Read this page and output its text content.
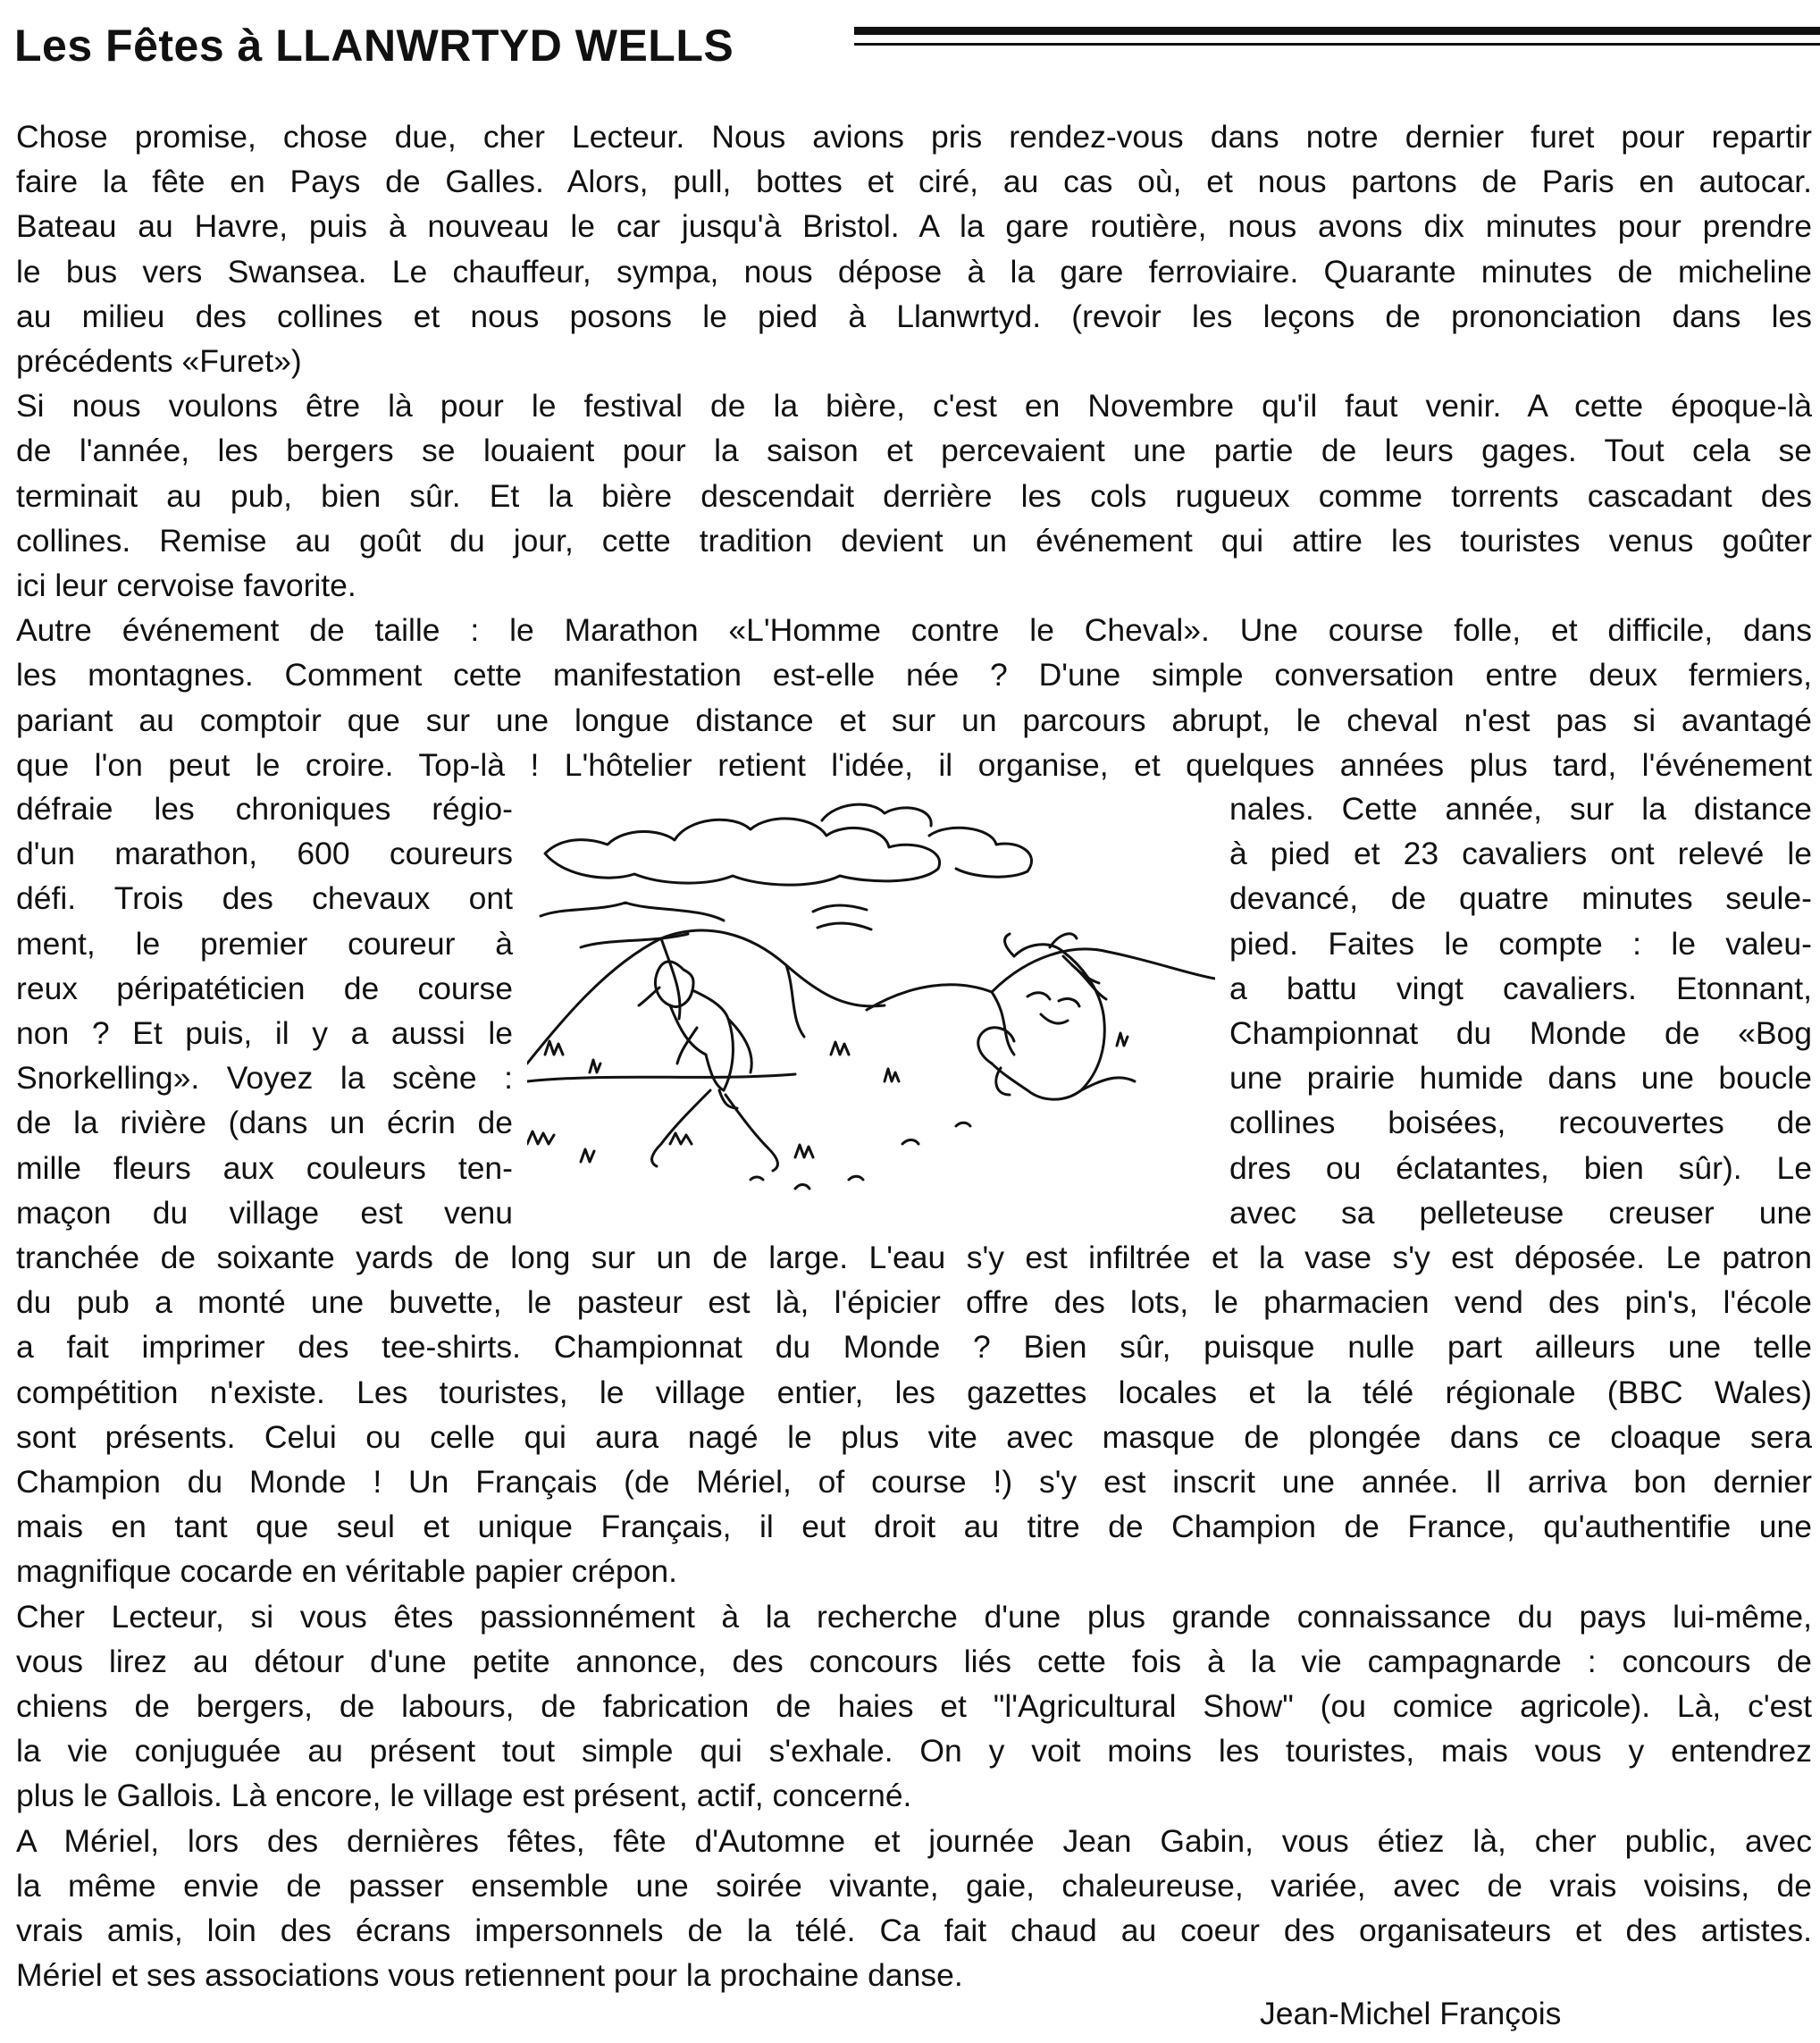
Les Fêtes à LLANWRTYD WELLS
Chose promise, chose due, cher Lecteur. Nous avions pris rendez-vous dans notre dernier furet pour repartir
faire la fête en Pays de Galles. Alors, pull, bottes et ciré, au cas où, et nous partons de Paris en autocar.
Bateau au Havre, puis à nouveau le car jusqu'à Bristol. A la gare routière, nous avons dix minutes pour prendre
le bus vers Swansea. Le chauffeur, sympa, nous dépose à la gare ferroviaire. Quarante minutes de micheline
au milieu des collines et nous posons le pied à Llanwrtyd. (revoir les leçons de prononciation dans les
précédents «Furet»)
Si nous voulons être là pour le festival de la bière, c'est en Novembre qu'il faut venir. A cette époque-là
de l'année, les bergers se louaient pour la saison et percevaient une partie de leurs gages. Tout cela se
terminait au pub, bien sûr. Et la bière descendait derrière les cols rugueux comme torrents cascadant des
collines. Remise au goût du jour, cette tradition devient un événement qui attire les touristes venus goûter
ici leur cervoise favorite.
Autre événement de taille : le Marathon «L'Homme contre le Cheval». Une course folle, et difficile, dans
les montagnes. Comment cette manifestation est-elle née ? D'une simple conversation entre deux fermiers,
pariant au comptoir que sur une longue distance et sur un parcours abrupt, le cheval n'est pas si avantagé
que l'on peut le croire. Top-là ! L'hôtelier retient l'idée, il organise, et quelques années plus tard, l'événement
défraie les chroniques régio-
d'un marathon, 600 coureurs
défi. Trois des chevaux ont
ment, le premier coureur à
reux péripatéticien de course
non ? Et puis, il y a aussi le
Snorkelling». Voyez la scène :
de la rivière (dans un écrin de
mille fleurs aux couleurs ten-
maçon du village est venu
nales. Cette année, sur la distance
à pied et 23 cavaliers ont relevé le
devancé, de quatre minutes seule-
pied. Faites le compte : le valeu-
a battu vingt cavaliers. Etonnant,
Championnat du Monde de «Bog
une prairie humide dans une boucle
collines boisées, recouvertes de
dres ou éclatantes, bien sûr). Le
avec sa pelleteuse creuser une
tranchée de soixante yards de long sur un de large. L'eau s'y est infiltrée et la vase s'y est déposée. Le patron
du pub a monté une buvette, le pasteur est là, l'épicier offre des lots, le pharmacien vend des pin's, l'école
a fait imprimer des tee-shirts. Championnat du Monde ? Bien sûr, puisque nulle part ailleurs une telle
compétition n'existe. Les touristes, le village entier, les gazettes locales et la télé régionale (BBC Wales)
sont présents. Celui ou celle qui aura nagé le plus vite avec masque de plongée dans ce cloaque sera
Champion du Monde ! Un Français (de Mériel, of course !) s'y est inscrit une année. Il arriva bon dernier
mais en tant que seul et unique Français, il eut droit au titre de Champion de France, qu'authentifie une
magnifique cocarde en véritable papier crépon.
Cher Lecteur, si vous êtes passionnément à la recherche d'une plus grande connaissance du pays lui-même,
vous lirez au détour d'une petite annonce, des concours liés cette fois à la vie campagnarde : concours de
chiens de bergers, de labours, de fabrication de haies et "l'Agricultural Show" (ou comice agricole). Là, c'est
la vie conjuguée au présent tout simple qui s'exhale. On y voit moins les touristes, mais vous y entendrez
plus le Gallois. Là encore, le village est présent, actif, concerné.
A Mériel, lors des dernières fêtes, fête d'Automne et journée Jean Gabin, vous étiez là, cher public, avec
la même envie de passer ensemble une soirée vivante, gaie, chaleureuse, variée, avec de vrais voisins, de
vrais amis, loin des écrans impersonnels de la télé. Ca fait chaud au coeur des organisateurs et des artistes.
Mériel et ses associations vous retiennent pour la prochaine danse.
Jean-Michel François
